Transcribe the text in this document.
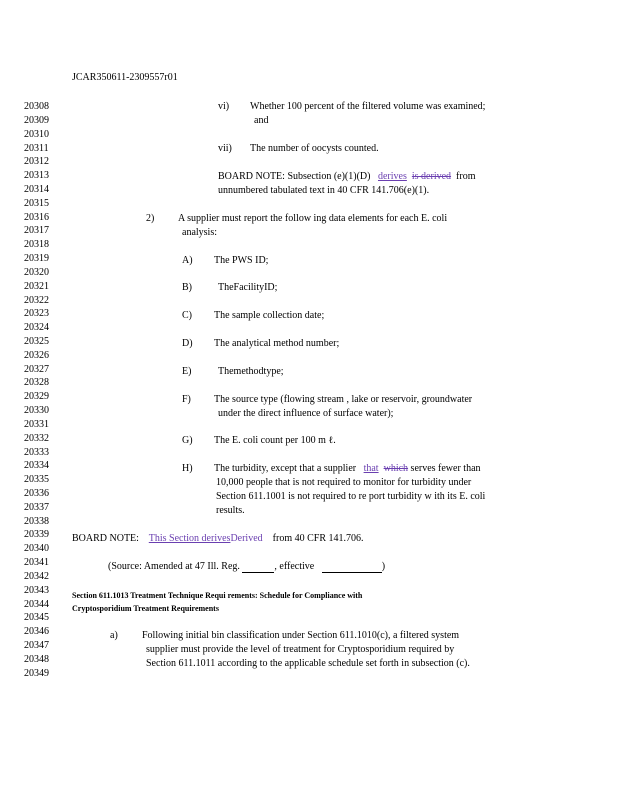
JCAR350611-2309557r01
20308
20309
20310
20311
20312
20313
20314
20315
20316
20317
20318
20319
20320
20321
20322
20323
20324
20325
20326
20327
20328
20329
20330
20331
20332
20333
20334
20335
20336
20337
20338
20339
20340
20341
20342
20343
20344
20345
20346
20347
20348
20349
vi) Whether 100 percent of the filtered volume was examined;
and
vii) The number of oocysts counted.
BOARD NOTE: Subsection (e)(1)(D) derives is derived from
unnumbered tabulated text in 40 CFR 141.706(e)(1).
2) A supplier must report the follow ing data elements for each E. coli
analysis:
A) The PWS ID;
B)	TheFacilityID;
C) The sample collection date;
D) The analytical method number;
E)	Themethodtype;
F) The source type (flowing stream , lake or reservoir, groundwater
under the direct influence of surface water);
G) The E. coli count per 100 m ℓ.
H) The turbidity, except that a supplier that which serves fewer than
10,000 people that is not required to monitor for turbidity under
Section 611.1001 is not required to re port turbidity w ith its E. coli
results.
BOARD NOTE: This Section derivesDerived from 40 CFR 141.706.
(Source: Amended at 47 Ill. Reg.	, effective	)
Section 611.1013 Treatment Technique Requi rements: Schedule for Compliance with
Cryptosporidium Treatment Requirements
a) Following initial bin classification under Section 611.1010(c), a filtered system
supplier must provide the level of treatment for Cryptosporidium required by
Section 611.1011 according to the applicable schedule set forth in subsection (c).
